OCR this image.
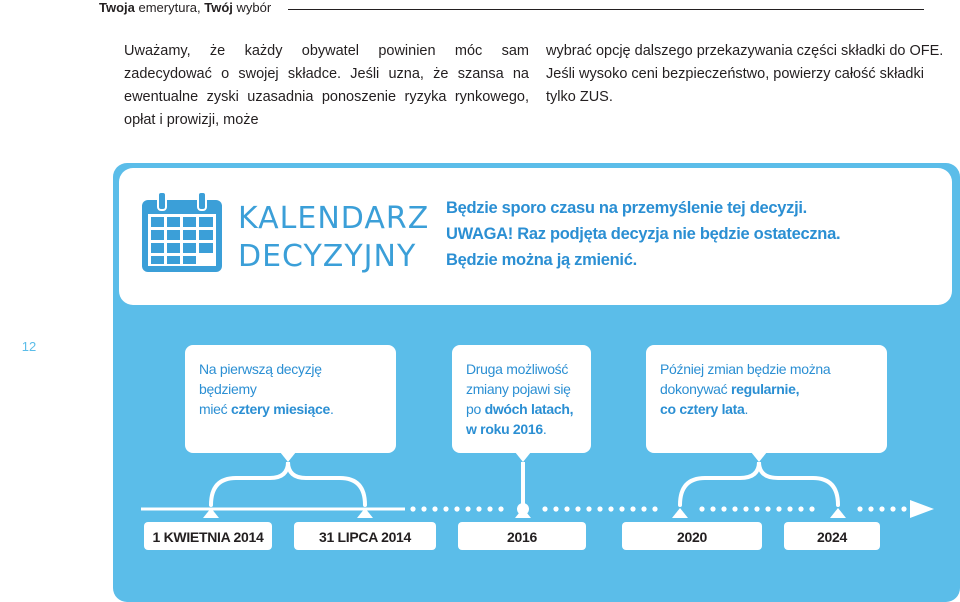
Twoja emerytura, Twój wybór

Uważamy, że każdy obywatel powinien móc sam zadecydować o swojej składce. Jeśli uzna, że szansa na ewentualne zyski uzasadnia ponoszenie ryzyka rynkowego, opłat i prowizji, może

wybrać opcję dalszego przekazywania części składki do OFE. Jeśli wysoko ceni bezpieczeństwo, powierzy całość składki tylko ZUS.

KALENDARZ
DECYZYJNY
Będzie sporo czasu na przemyślenie tej decyzji.
UWAGA! Raz podjęta decyzja nie będzie ostateczna.
Będzie można ją zmienić.
12
Na pierwszą decyzję będziemy
mieć cztery miesiące.
Druga możliwość
zmiany pojawi się
po dwóch latach,
w roku 2016.
Później zmian będzie można
dokonywać regularnie,
co cztery lata.
1 KWIETNIA 2014	31 LIPCA 2014	2016	2020	2024
